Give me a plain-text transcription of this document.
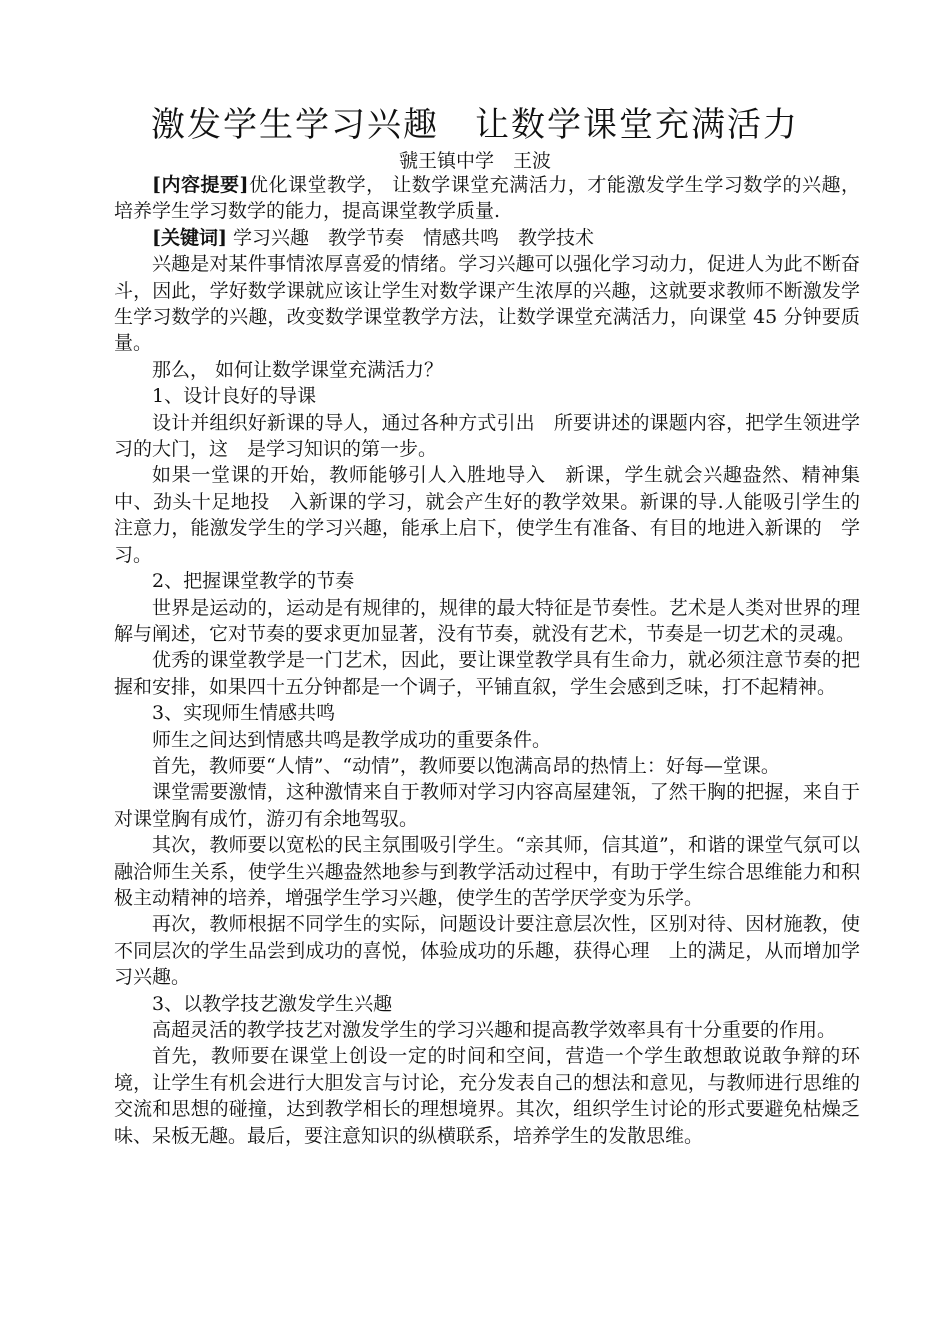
激发学生学习兴趣　让数学课堂充满活力
虢王镇中学　王波

[内容提要]优化课堂教学， 让数学课堂充满活力，才能激发学生学习数学的兴趣，培养学生学习数学的能力，提高课堂教学质量.

[关键词] 学习兴趣　教学节奏　情感共鸣　教学技术

兴趣是对某件事情浓厚喜爱的情绪。学习兴趣可以强化学习动力，促进人为此不断奋斗，因此，学好数学课就应该让学生对数学课产生浓厚的兴趣，这就要求教师不断激发学生学习数学的兴趣，改变数学课堂教学方法，让数学课堂充满活力，向课堂 45 分钟要质量。

那么， 如何让数学课堂充满活力？

1、设计良好的导课

设计并组织好新课的导人，通过各种方式引出　所要讲述的课题内容，把学生领进学习的大门，这　是学习知识的第一步。

如果一堂课的开始，教师能够引人入胜地导入　新课，学生就会兴趣盎然、精神集中、劲头十足地投　入新课的学习，就会产生好的教学效果。新课的导.人能吸引学生的注意力，能激发学生的学习兴趣，能承上启下，使学生有准备、有目的地进入新课的　学习。

2、把握课堂教学的节奏

世界是运动的，运动是有规律的，规律的最大特征是节奏性。艺术是人类对世界的理解与阐述，它对节奏的要求更加显著，没有节奏，就没有艺术，节奏是一切艺术的灵魂。

优秀的课堂教学是一门艺术，因此，要让课堂教学具有生命力，就必须注意节奏的把握和安排，如果四十五分钟都是一个调子，平铺直叙，学生会感到乏味，打不起精神。

3、实现师生情感共鸣

师生之间达到情感共鸣是教学成功的重要条件。

首先，教师要“人情”、“动情”，教师要以饱满高昂的热情上：好每—堂课。

课堂需要激情，这种激情来自于教师对学习内容高屋建瓴，了然干胸的把握，来自于对课堂胸有成竹，游刃有余地驾驭。

其次，教师要以宽松的民主氛围吸引学生。“亲其师，信其道”，和谐的课堂气氛可以融洽师生关系，使学生兴趣盎然地参与到教学活动过程中，有助于学生综合思维能力和积极主动精神的培养，增强学生学习兴趣，使学生的苦学厌学变为乐学。

再次，教师根据不同学生的实际，问题设计要注意层次性，区别对待、因材施教，使不同层次的学生品尝到成功的喜悦，体验成功的乐趣，获得心理　上的满足，从而增加学习兴趣。

3、以教学技艺激发学生兴趣

高超灵活的教学技艺对激发学生的学习兴趣和提高教学效率具有十分重要的作用。

首先，教师要在课堂上创设一定的时间和空间，营造一个学生敢想敢说敢争辩的环境，让学生有机会进行大胆发言与讨论，充分发表自己的想法和意见，与教师进行思维的交流和思想的碰撞，达到教学相长的理想境界。其次，组织学生讨论的形式要避免枯燥乏味、呆板无趣。最后，要注意知识的纵横联系，培养学生的发散思维。
